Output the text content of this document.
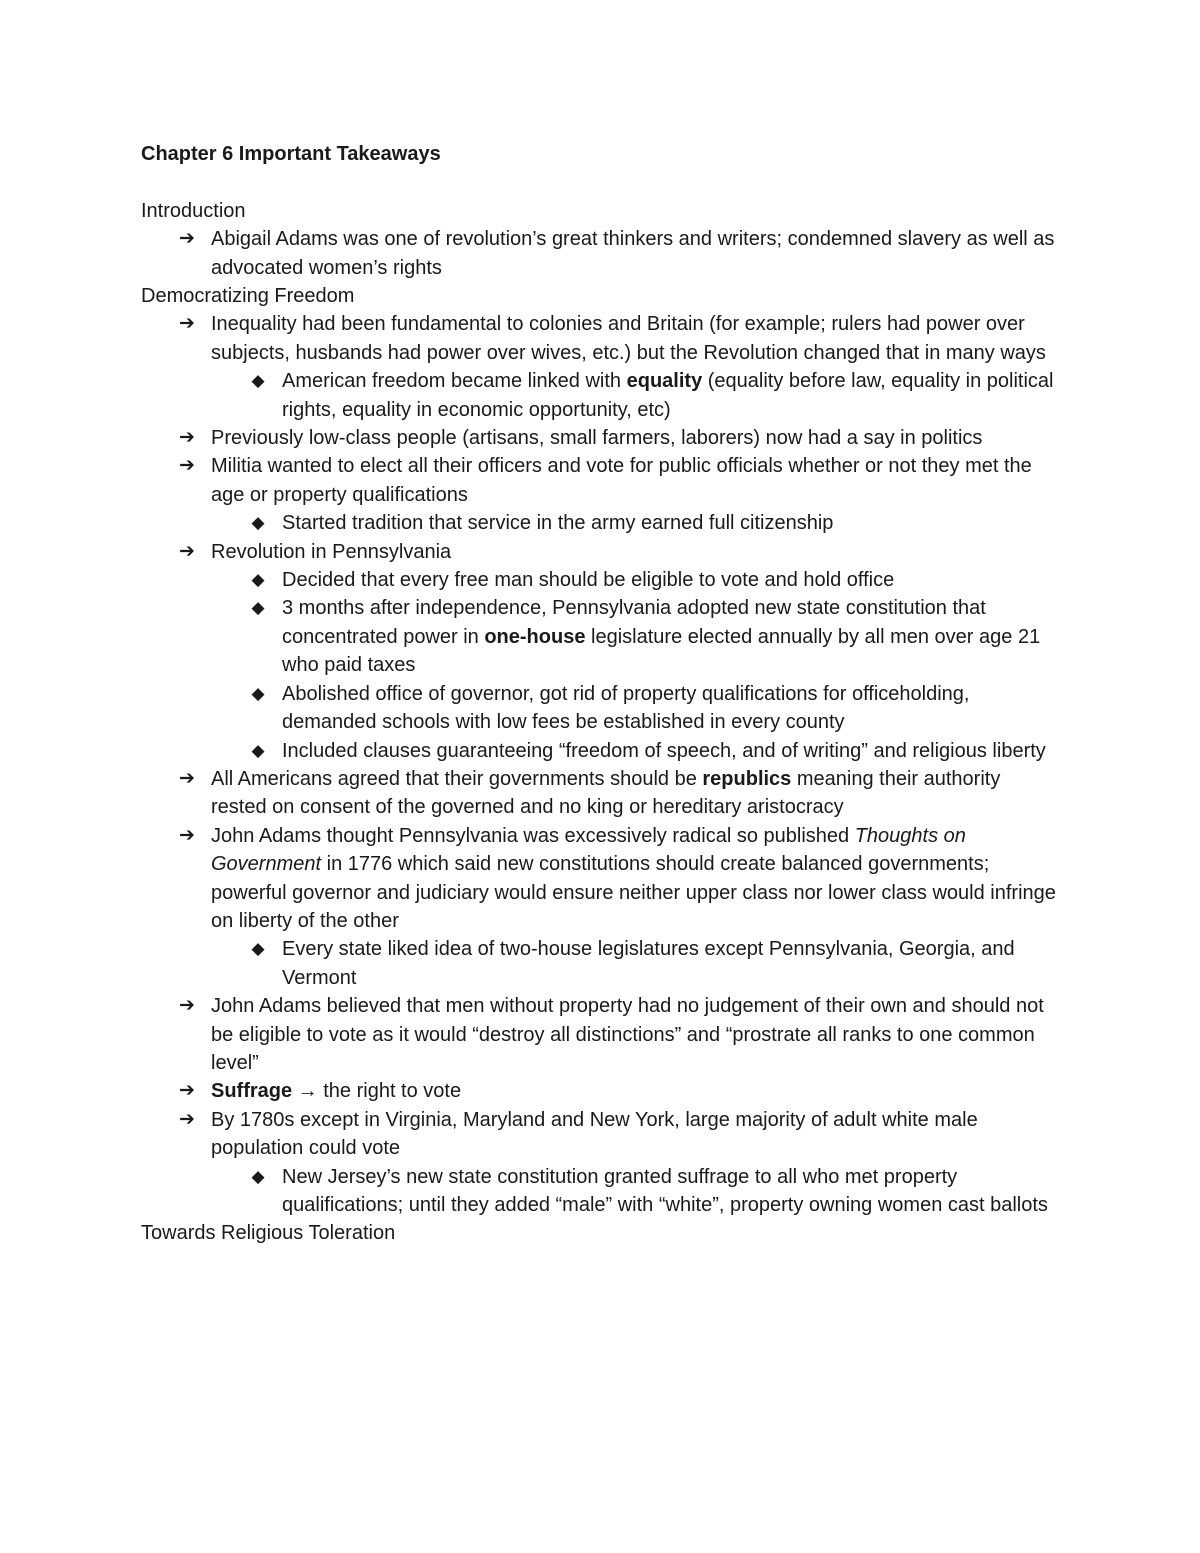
Chapter 6 Important Takeaways
Introduction
➔ Abigail Adams was one of revolution’s great thinkers and writers; condemned slavery as well as advocated women’s rights
Democratizing Freedom
➔ Inequality had been fundamental to colonies and Britain (for example; rulers had power over subjects, husbands had power over wives, etc.) but the Revolution changed that in many ways
◆ American freedom became linked with equality (equality before law, equality in political rights, equality in economic opportunity, etc)
➔ Previously low-class people (artisans, small farmers, laborers) now had a say in politics
➔ Militia wanted to elect all their officers and vote for public officials whether or not they met the age or property qualifications
◆ Started tradition that service in the army earned full citizenship
➔ Revolution in Pennsylvania
◆ Decided that every free man should be eligible to vote and hold office
◆ 3 months after independence, Pennsylvania adopted new state constitution that concentrated power in one-house legislature elected annually by all men over age 21 who paid taxes
◆ Abolished office of governor, got rid of property qualifications for officeholding, demanded schools with low fees be established in every county
◆ Included clauses guaranteeing “freedom of speech, and of writing” and religious liberty
➔ All Americans agreed that their governments should be republics meaning their authority rested on consent of the governed and no king or hereditary aristocracy
➔ John Adams thought Pennsylvania was excessively radical so published Thoughts on Government in 1776 which said new constitutions should create balanced governments; powerful governor and judiciary would ensure neither upper class nor lower class would infringe on liberty of the other
◆ Every state liked idea of two-house legislatures except Pennsylvania, Georgia, and Vermont
➔ John Adams believed that men without property had no judgement of their own and should not be eligible to vote as it would “destroy all distinctions” and “prostrate all ranks to one common level”
➔ Suffrage → the right to vote
➔ By 1780s except in Virginia, Maryland and New York, large majority of adult white male population could vote
◆ New Jersey’s new state constitution granted suffrage to all who met property qualifications; until they added “male” with “white”, property owning women cast ballots
Towards Religious Toleration
